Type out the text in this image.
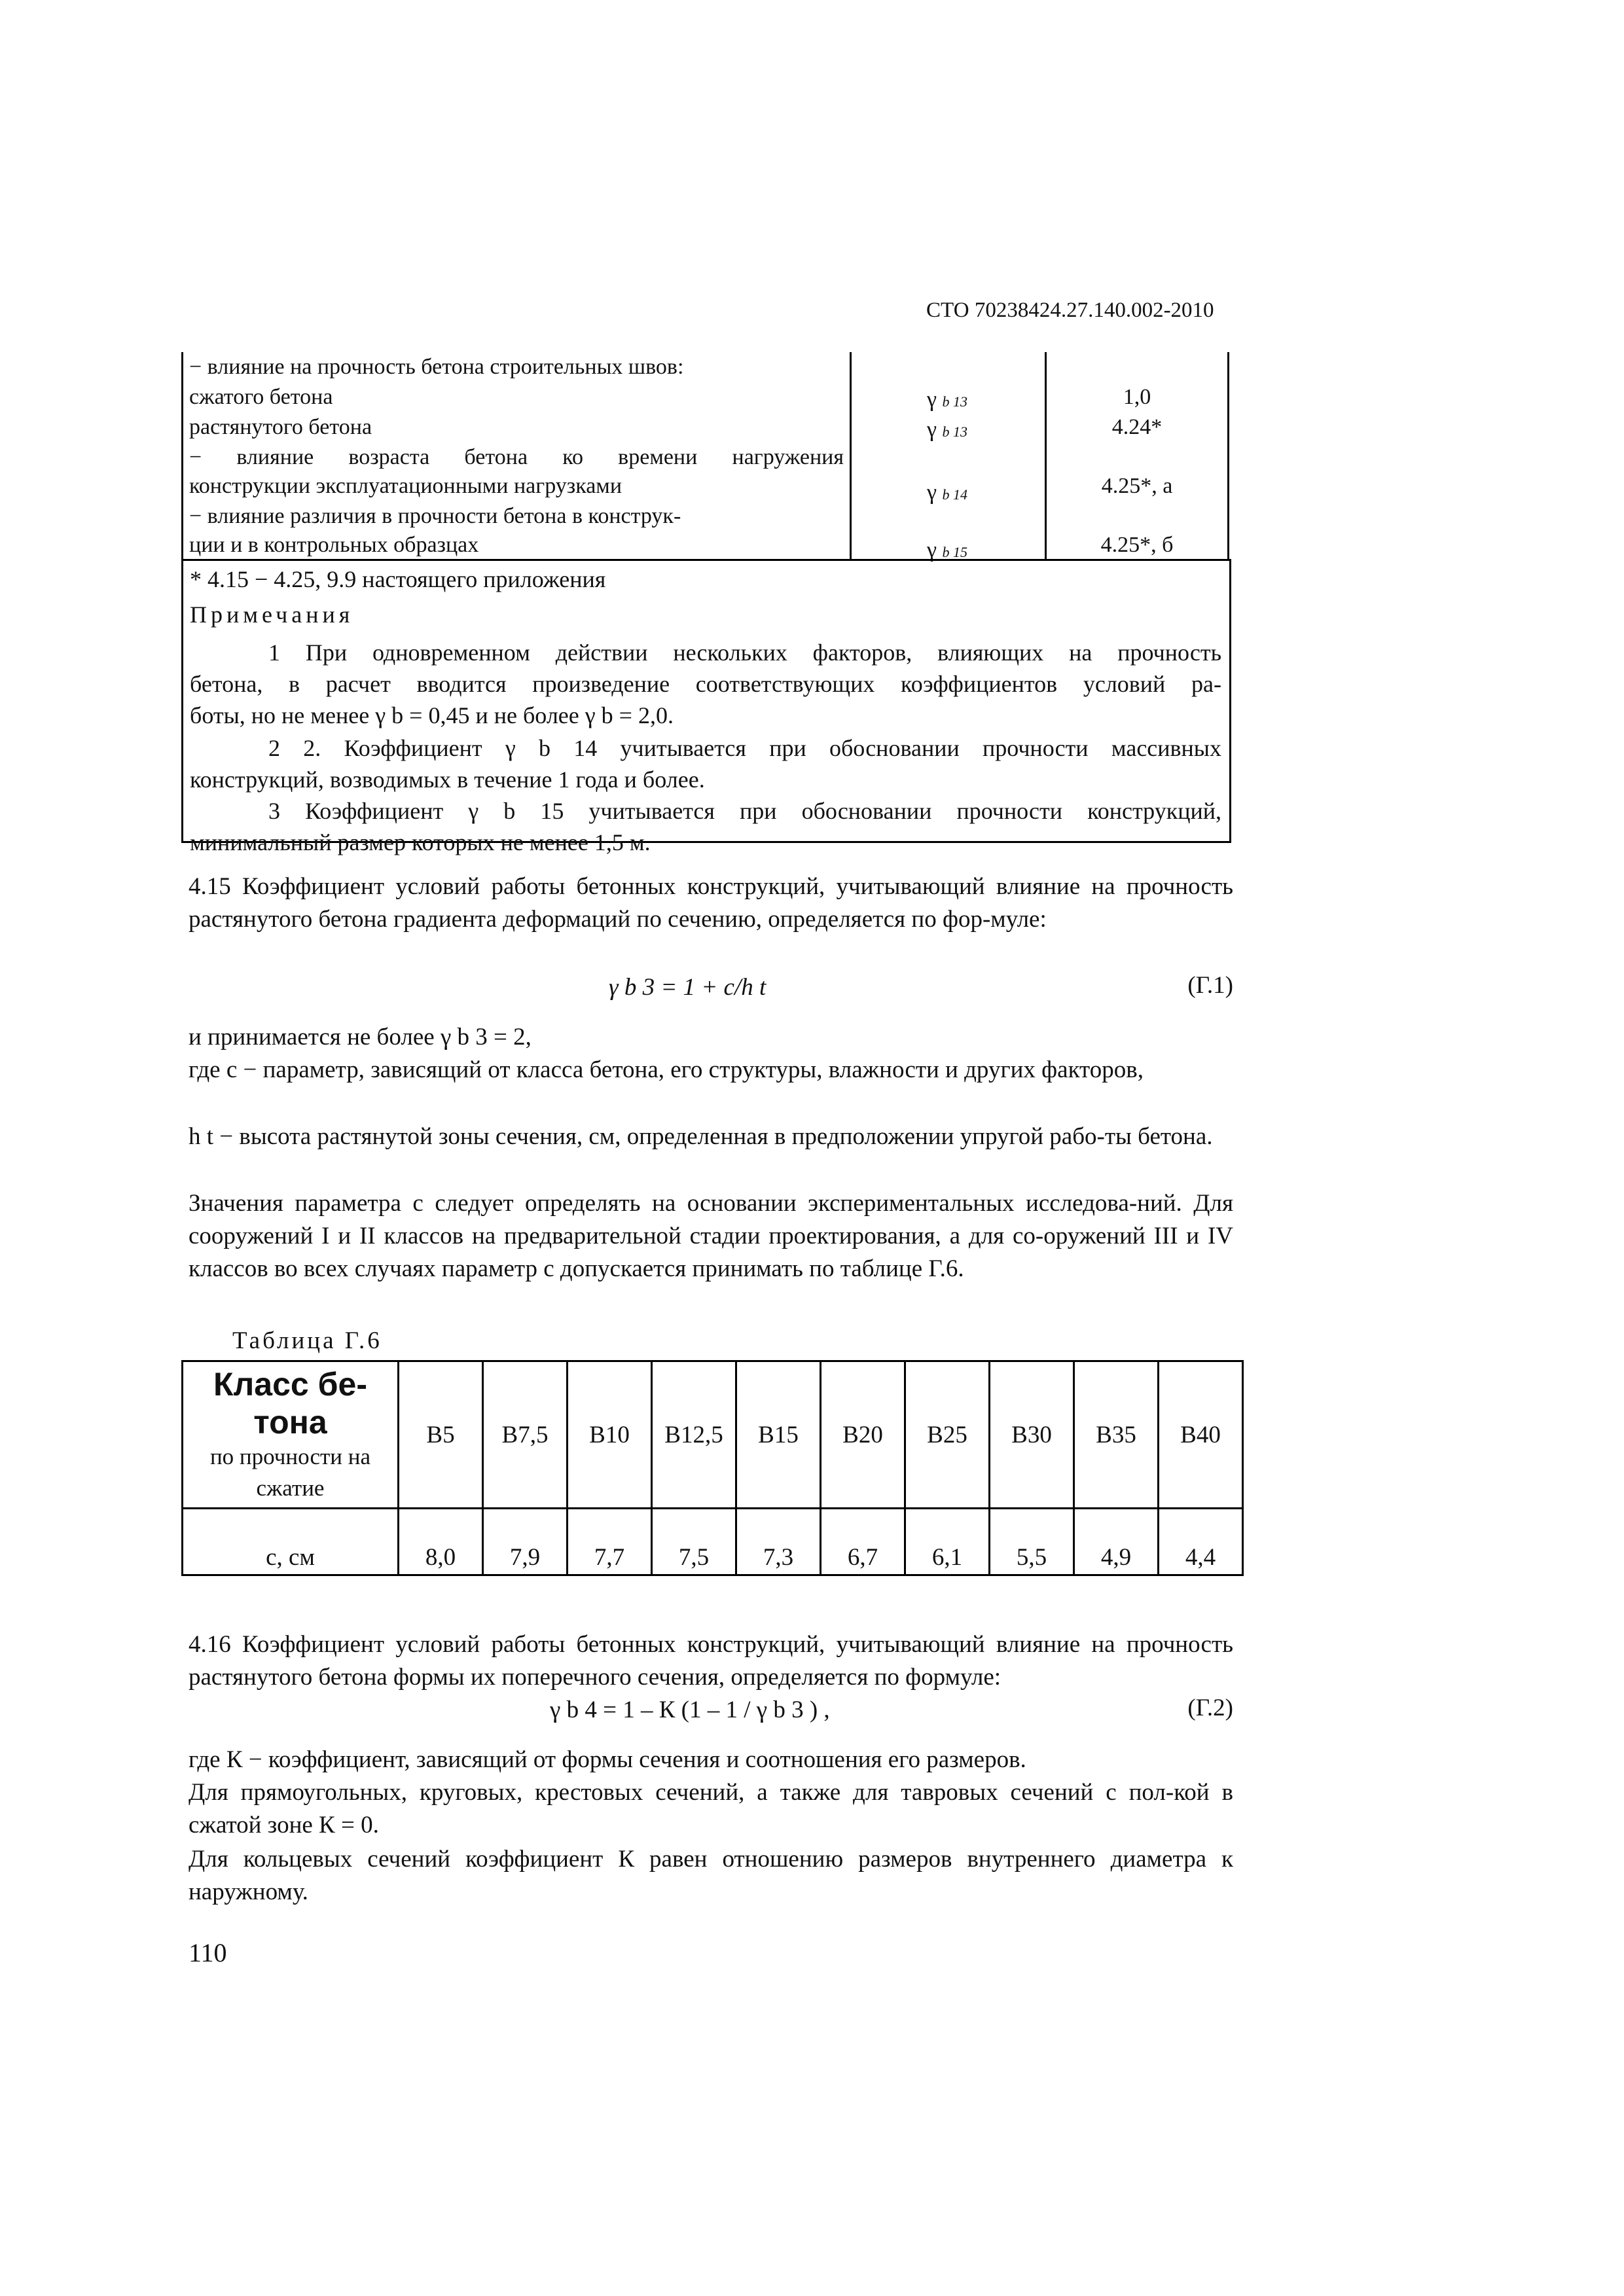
СТО 70238424.27.140.002-2010
− влияние на прочность бетона строительных швов:
сжатого бетона	γ b 13	1,0
растянутого бетона	γ b 13	4.24*
− влияние возраста бетона ко времени нагружения
конструкции эксплуатационными нагрузками	γ b 14	4.25*, а
− влияние различия в прочности бетона в конструк-
ции и в контрольных образцах	γ b 15	4.25*, б
* 4.15 − 4.25, 9.9 настоящего приложения
Примечания
1 При одновременном действии нескольких факторов, влияющих на прочность
бетона, в расчет вводится произведение соответствующих коэффициентов условий ра-
боты, но не менее γ b = 0,45 и не более γ b = 2,0.
2 2. Коэффициент γ b 14 учитывается при обосновании прочности массивных
конструкций, возводимых в течение 1 года и более.
3 Коэффициент γ b 15 учитывается при обосновании прочности конструкций,
минимальный размер которых не менее 1,5 м.
4.15 Коэффициент условий работы бетонных конструкций, учитывающий влияние на прочность растянутого бетона градиента деформаций по сечению, определяется по фор-муле:
γ b 3 = 1 + c/h t	(Г.1)
и принимается не более γ b 3 = 2,
где c − параметр, зависящий от класса бетона, его структуры, влажности и других факторов,
h t − высота растянутой зоны сечения, см, определенная в предположении упругой рабо-ты бетона.
Значения параметра c следует определять на основании экспериментальных исследова-ний. Для сооружений I и II классов на предварительной стадии проектирования, а для со-оружений III и IV классов во всех случаях параметр c допускается принимать по таблице Г.6.
Таблица Г.6
Класс бе-тона
по прочности на сжатие	B5	B7,5	B10	B12,5	B15	B20	B25	B30	B35	B40
c, см	8,0	7,9	7,7	7,5	7,3	6,7	6,1	5,5	4,9	4,4
4.16 Коэффициент условий работы бетонных конструкций, учитывающий влияние на прочность растянутого бетона формы их поперечного сечения, определяется по формуле:
γ b 4 = 1 – К (1 – 1 / γ b 3 ) ,	(Г.2)
где К − коэффициент, зависящий от формы сечения и соотношения его размеров.
Для прямоугольных, круговых, крестовых сечений, а также для тавровых сечений с пол-кой в сжатой зоне К = 0.
Для кольцевых сечений коэффициент К равен отношению размеров внутреннего диаметра к наружному.
110
